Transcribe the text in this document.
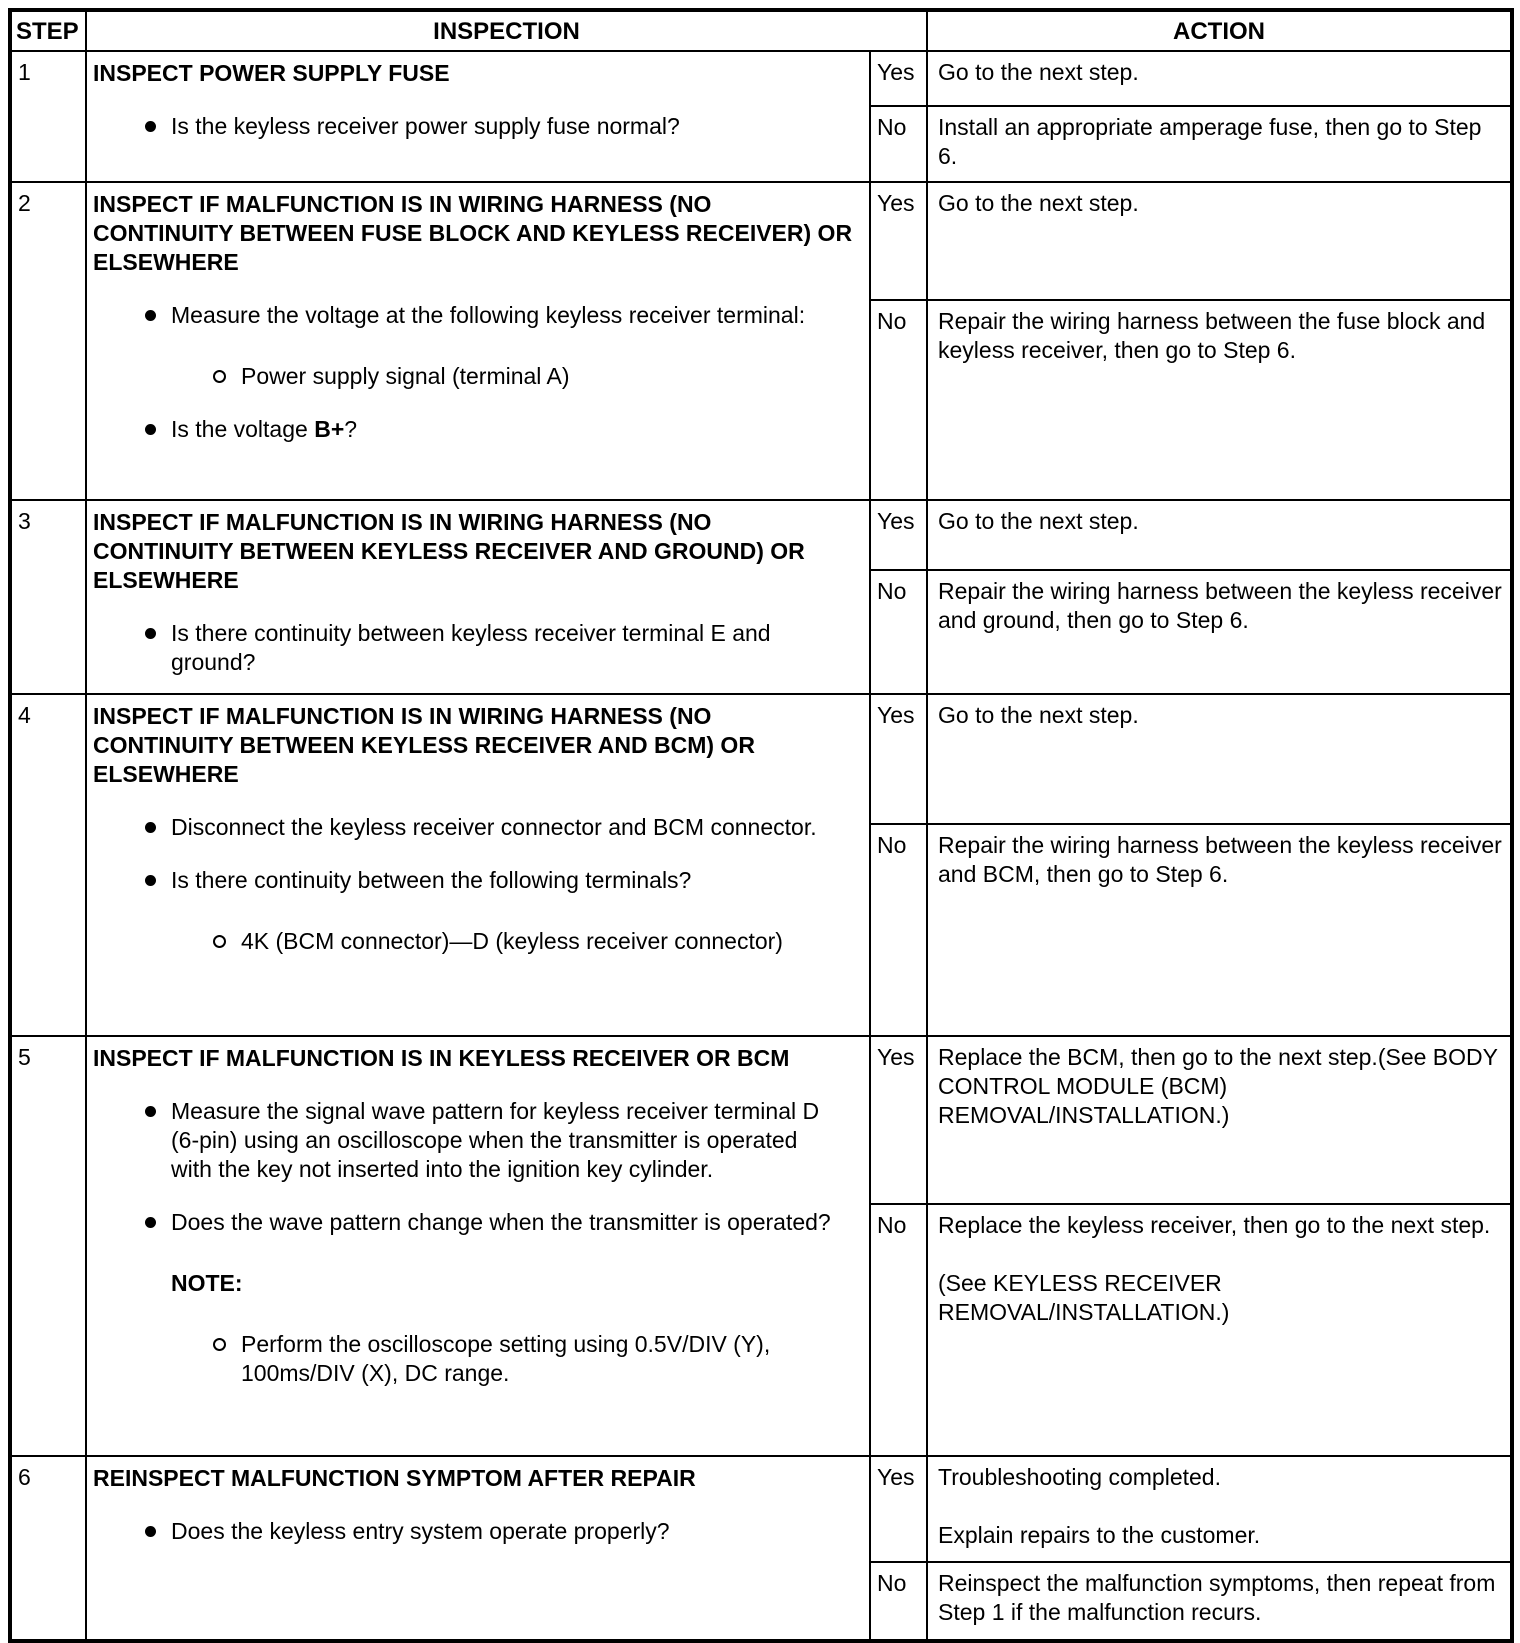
STEP	INSPECTION		ACTION
1	INSPECT POWER SUPPLY FUSE
Is the keyless receiver power supply fuse normal?	Yes	Go to the next step.

		No	Install an appropriate amperage fuse, then go to Step 6.

2	INSPECT IF MALFUNCTION IS IN WIRING HARNESS (NO CONTINUITY BETWEEN FUSE BLOCK AND KEYLESS RECEIVER) OR ELSEWHERE
Measure the voltage at the following keyless receiver terminal:
Power supply signal (terminal A)
Is the voltage B+?	Yes	Go to the next step.

		No	Repair the wiring harness between the fuse block and keyless receiver, then go to Step 6.

3	INSPECT IF MALFUNCTION IS IN WIRING HARNESS (NO CONTINUITY BETWEEN KEYLESS RECEIVER AND GROUND) OR ELSEWHERE
Is there continuity between keyless receiver terminal E and ground?	Yes	Go to the next step.

		No	Repair the wiring harness between the keyless receiver and ground, then go to Step 6.

4	INSPECT IF MALFUNCTION IS IN WIRING HARNESS (NO CONTINUITY BETWEEN KEYLESS RECEIVER AND BCM) OR ELSEWHERE
Disconnect the keyless receiver connector and BCM connector.
Is there continuity between the following terminals?
4K (BCM connector)—D (keyless receiver connector)	Yes	Go to the next step.

		No	Repair the wiring harness between the keyless receiver and BCM, then go to Step 6.

5	INSPECT IF MALFUNCTION IS IN KEYLESS RECEIVER OR BCM
Measure the signal wave pattern for keyless receiver terminal D (6-pin) using an oscilloscope when the transmitter is operated with the key not inserted into the ignition key cylinder.
Does the wave pattern change when the transmitter is operated?
NOTE:
Perform the oscilloscope setting using 0.5V/DIV (Y), 100ms/DIV (X), DC range.	Yes	Replace the BCM, then go to the next step.(See BODY CONTROL MODULE (BCM) REMOVAL/INSTALLATION.)

		No	Replace the keyless receiver, then go to the next step.
(See KEYLESS RECEIVER REMOVAL/INSTALLATION.)

6	REINSPECT MALFUNCTION SYMPTOM AFTER REPAIR
Does the keyless entry system operate properly?
	Yes	Troubleshooting completed.
Explain repairs to the customer.

		No	Reinspect the malfunction symptoms, then repeat from Step 1 if the malfunction recurs.
